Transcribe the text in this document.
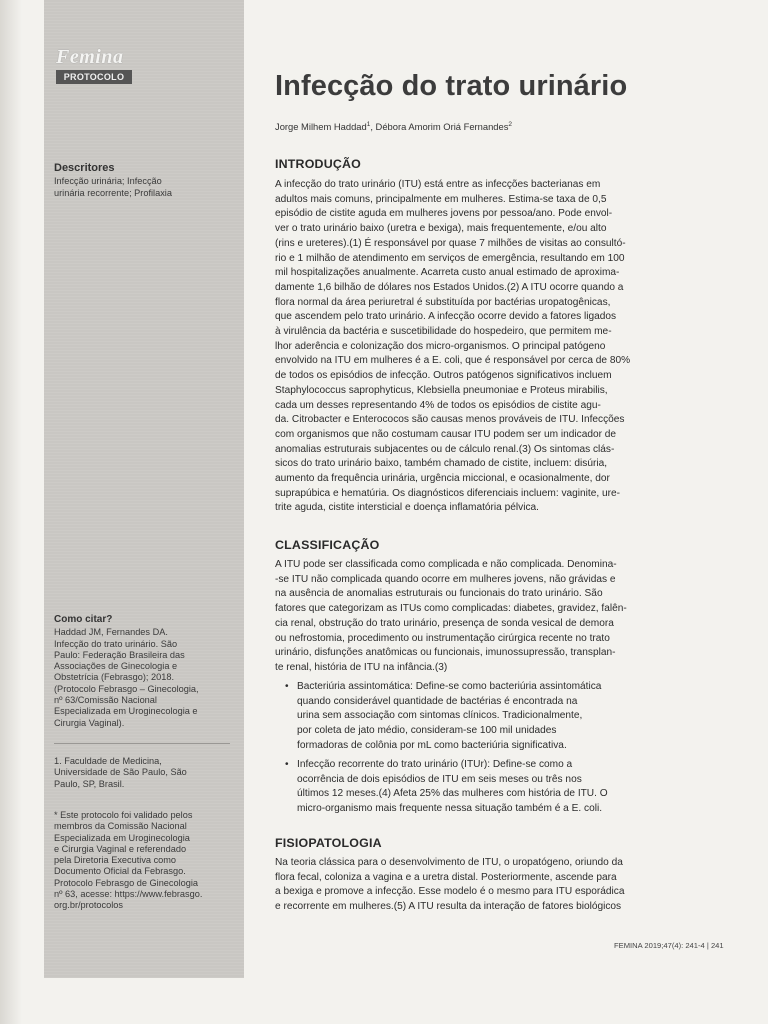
Femina
PROTOCOLO
Descritores
Infecção urinária; Infecção
urinária recorrente; Profilaxia
Como citar?
Haddad JM, Fernandes DA.
Infecção do trato urinário. São
Paulo: Federação Brasileira das
Associações de Ginecologia e
Obstetrícia (Febrasgo); 2018.
(Protocolo Febrasgo – Ginecologia,
nº 63/Comissão Nacional
Especializada em Uroginecologia e
Cirurgia Vaginal).
1. Faculdade de Medicina,
Universidade de São Paulo, São
Paulo, SP, Brasil.
* Este protocolo foi validado pelos
membros da Comissão Nacional
Especializada em Uroginecologia
e Cirurgia Vaginal e referendado
pela Diretoria Executiva como
Documento Oficial da Febrasgo.
Protocolo Febrasgo de Ginecologia
nº 63, acesse: https://www.febrasgo.
org.br/protocolos
Infecção do trato urinário
Jorge Milhem Haddad$^1$, Débora Amorim Oriá Fernandes$^2$
INTRODUÇÃO
A infecção do trato urinário (ITU) está entre as infecções bacterianas em
adultos mais comuns, principalmente em mulheres. Estima-se taxa de 0,5
episódio de cistite aguda em mulheres jovens por pessoa/ano. Pode envol-
ver o trato urinário baixo (uretra e bexiga), mais frequentemente, e/ou alto
(rins e ureteres).(1) É responsável por quase 7 milhões de visitas ao consultó-
rio e 1 milhão de atendimento em serviços de emergência, resultando em 100
mil hospitalizações anualmente. Acarreta custo anual estimado de aproxima-
damente 1,6 bilhão de dólares nos Estados Unidos.(2) A ITU ocorre quando a
flora normal da área periuretral é substituída por bactérias uropatogênicas,
que ascendem pelo trato urinário. A infecção ocorre devido a fatores ligados
à virulência da bactéria e suscetibilidade do hospedeiro, que permitem me-
lhor aderência e colonização dos micro-organismos. O principal patógeno
envolvido na ITU em mulheres é a E. coli, que é responsável por cerca de 80%
de todos os episódios de infecção. Outros patógenos significativos incluem
Staphylococcus saprophyticus, Klebsiella pneumoniae e Proteus mirabilis,
cada um desses representando 4% de todos os episódios de cistite agu-
da. Citrobacter e Enterococos são causas menos prováveis de ITU. Infecções
com organismos que não costumam causar ITU podem ser um indicador de
anomalias estruturais subjacentes ou de cálculo renal.(3) Os sintomas clás-
sicos do trato urinário baixo, também chamado de cistite, incluem: disúria,
aumento da frequência urinária, urgência miccional, e ocasionalmente, dor
suprapúbica e hematúria. Os diagnósticos diferenciais incluem: vaginite, ure-
trite aguda, cistite intersticial e doença inflamatória pélvica.
CLASSIFICAÇÃO
A ITU pode ser classificada como complicada e não complicada. Denomina-
-se ITU não complicada quando ocorre em mulheres jovens, não grávidas e
na ausência de anomalias estruturais ou funcionais do trato urinário. São
fatores que categorizam as ITUs como complicadas: diabetes, gravidez, falên-
cia renal, obstrução do trato urinário, presença de sonda vesical de demora
ou nefrostomia, procedimento ou instrumentação cirúrgica recente no trato
urinário, disfunções anatômicas ou funcionais, imunossupressão, transplan-
te renal, história de ITU na infância.(3)
• Bacteriúria assintomática: Define-se como bacteriúria assintomática
quando considerável quantidade de bactérias é encontrada na
urina sem associação com sintomas clínicos. Tradicionalmente,
por coleta de jato médio, consideram-se 100 mil unidades
formadoras de colônia por mL como bacteriúria significativa.
• Infecção recorrente do trato urinário (ITUr): Define-se como a
ocorrência de dois episódios de ITU em seis meses ou três nos
últimos 12 meses.(4) Afeta 25% das mulheres com história de ITU. O
micro-organismo mais frequente nessa situação também é a E. coli.
FISIOPATOLOGIA
Na teoria clássica para o desenvolvimento de ITU, o uropatógeno, oriundo da
flora fecal, coloniza a vagina e a uretra distal. Posteriormente, ascende para
a bexiga e promove a infecção. Esse modelo é o mesmo para ITU esporádica
e recorrente em mulheres.(5) A ITU resulta da interação de fatores biológicos
FEMINA 2019;47(4): 241-4 | 241
